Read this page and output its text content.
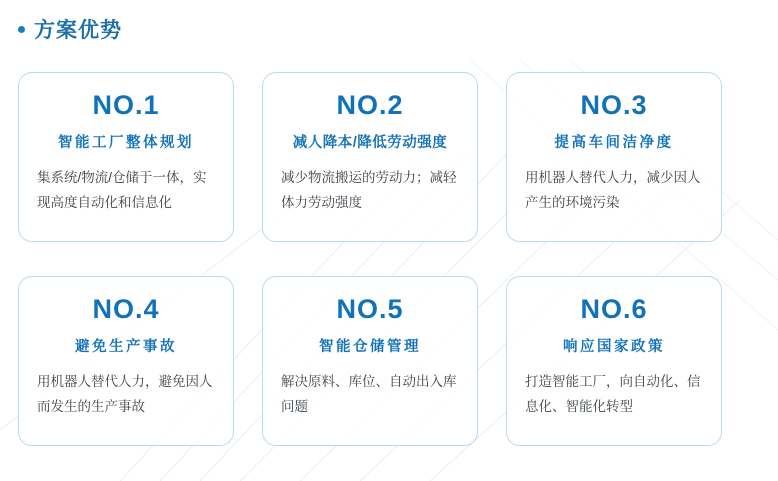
方案优势
NO.1
智能工厂整体规划
集系统/物流/仓储于一体，实现高度自动化和信息化
NO.2
减人降本/降低劳动强度
减少物流搬运的劳动力；减轻体力劳动强度
NO.3
提高车间洁净度
用机器人替代人力，减少因人产生的环境污染
NO.4
避免生产事故
用机器人替代人力，避免因人而发生的生产事故
NO.5
智能仓储管理
解决原料、库位、自动出入库问题
NO.6
响应国家政策
打造智能工厂，向自动化、信息化、智能化转型
